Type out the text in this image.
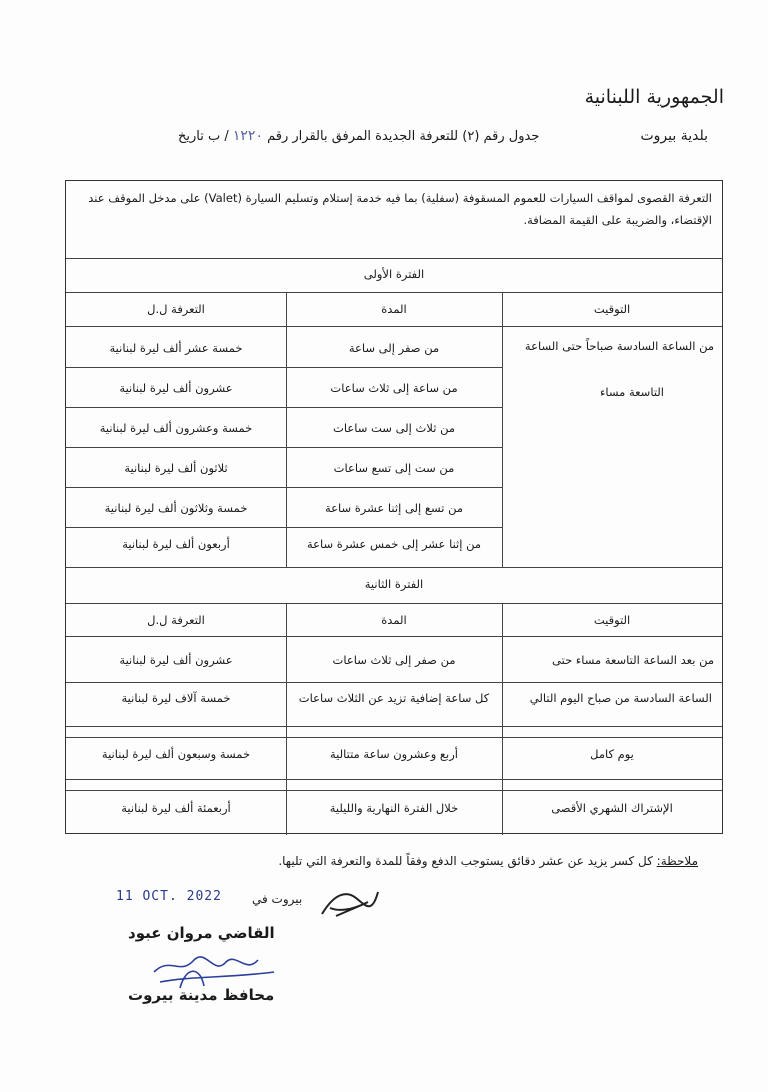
الجمهورية اللبنانية
بلدية بيروت
جدول رقم (٢) للتعرفة الجديدة المرفق بالقرار رقم ١٢٢٠ / ب تاريخ
التعرفة القصوى لمواقف السيارات للعموم المسقوفة (سفلية) بما فيه خدمة إستلام وتسليم السيارة (Valet) على مدخل الموقف عند الإقتضاء، والضريبة على القيمة المضافة.
الفترة الأولى
التوقيت
المدة
التعرفة ل.ل
من الساعة السادسة صباحاً حتى الساعة
التاسعة مساء
من صفر إلى ساعة
خمسة عشر ألف ليرة لبنانية
من ساعة إلى ثلاث ساعات
عشرون ألف ليرة لبنانية
من ثلاث إلى ست ساعات
خمسة وعشرون ألف ليرة لبنانية
من ست إلى تسع ساعات
ثلاثون ألف ليرة لبنانية
من تسع إلى إثنا عشرة ساعة
خمسة وثلاثون ألف ليرة لبنانية
من إثنا عشر إلى خمس عشرة ساعة
أربعون ألف ليرة لبنانية
الفترة الثانية
التوقيت
المدة
التعرفة ل.ل
من بعد الساعة التاسعة مساء حتى
الساعة السادسة من صباح اليوم التالي
من صفر إلى ثلاث ساعات
عشرون ألف ليرة لبنانية
كل ساعة إضافية تزيد عن الثلاث ساعات
خمسة آلاف ليرة لبنانية
يوم كامل
أربع وعشرون ساعة متتالية
خمسة وسبعون ألف ليرة لبنانية
الإشتراك الشهري الأقصى
خلال الفترة النهارية والليلية
أربعمئة ألف ليرة لبنانية
ملاحظة: كل كسر يزيد عن عشر دقائق يستوجب الدفع وفقاً للمدة والتعرفة التي تليها.
11 OCT. 2022	بيروت في
القاضي مروان عبود
محافظ مدينة بيروت
